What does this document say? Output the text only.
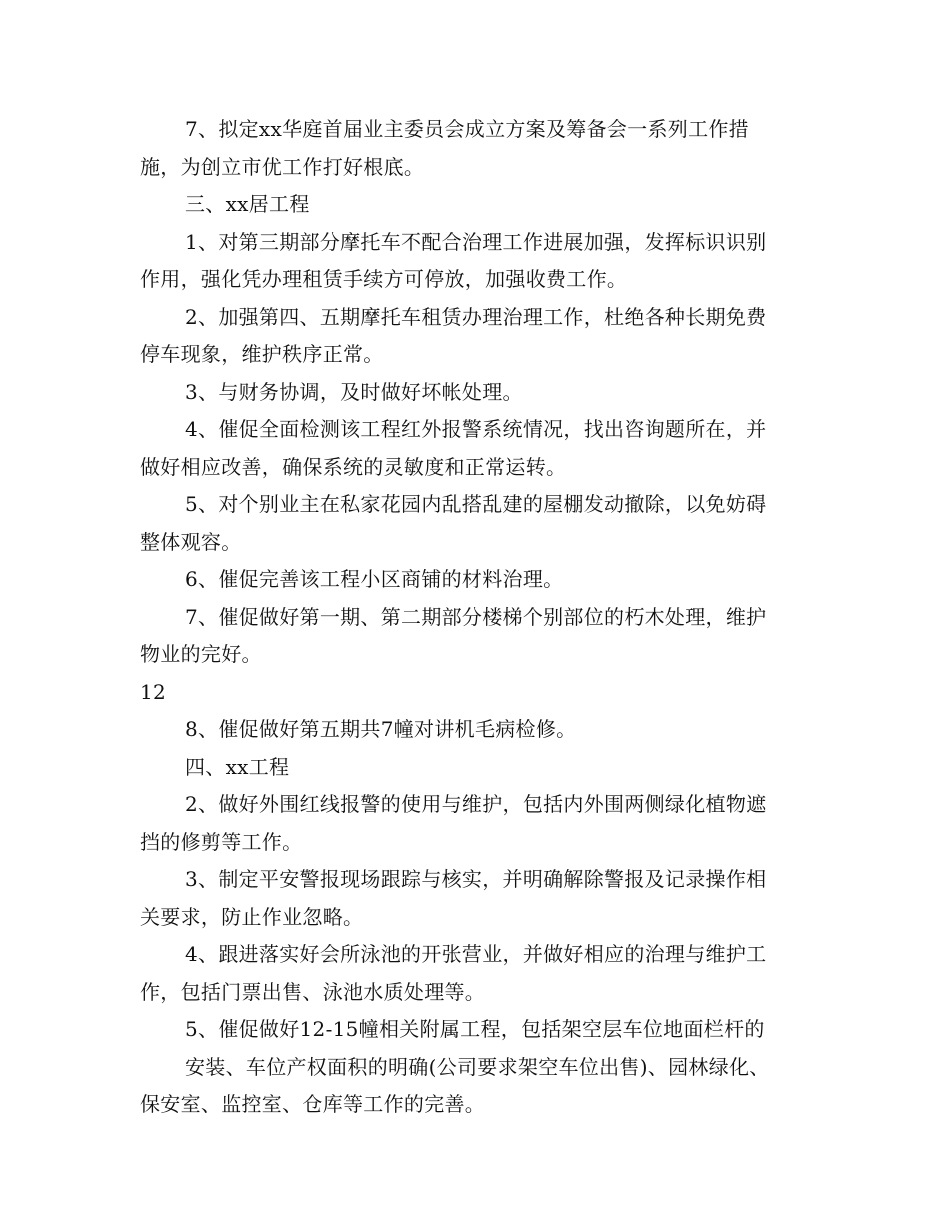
7、拟定xx华庭首届业主委员会成立方案及筹备会一系列工作措
施，为创立市优工作打好根底。
三、xx居工程
1、对第三期部分摩托车不配合治理工作进展加强，发挥标识识别
作用，强化凭办理租赁手续方可停放，加强收费工作。
2、加强第四、五期摩托车租赁办理治理工作，杜绝各种长期免费
停车现象，维护秩序正常。
3、与财务协调，及时做好坏帐处理。
4、催促全面检测该工程红外报警系统情况，找出咨询题所在，并
做好相应改善，确保系统的灵敏度和正常运转。
5、对个别业主在私家花园内乱搭乱建的屋棚发动撤除，以免妨碍
整体观容。
6、催促完善该工程小区商铺的材料治理。
7、催促做好第一期、第二期部分楼梯个别部位的朽木处理，维护
物业的完好。
12
8、催促做好第五期共7幢对讲机毛病检修。
四、xx工程
2、做好外围红线报警的使用与维护，包括内外围两侧绿化植物遮
挡的修剪等工作。
3、制定平安警报现场跟踪与核实，并明确解除警报及记录操作相
关要求，防止作业忽略。
4、跟进落实好会所泳池的开张营业，并做好相应的治理与维护工
作，包括门票出售、泳池水质处理等。
5、催促做好12-15幢相关附属工程，包括架空层车位地面栏杆的
安装、车位产权面积的明确(公司要求架空车位出售)、园林绿化、
保安室、监控室、仓库等工作的完善。
